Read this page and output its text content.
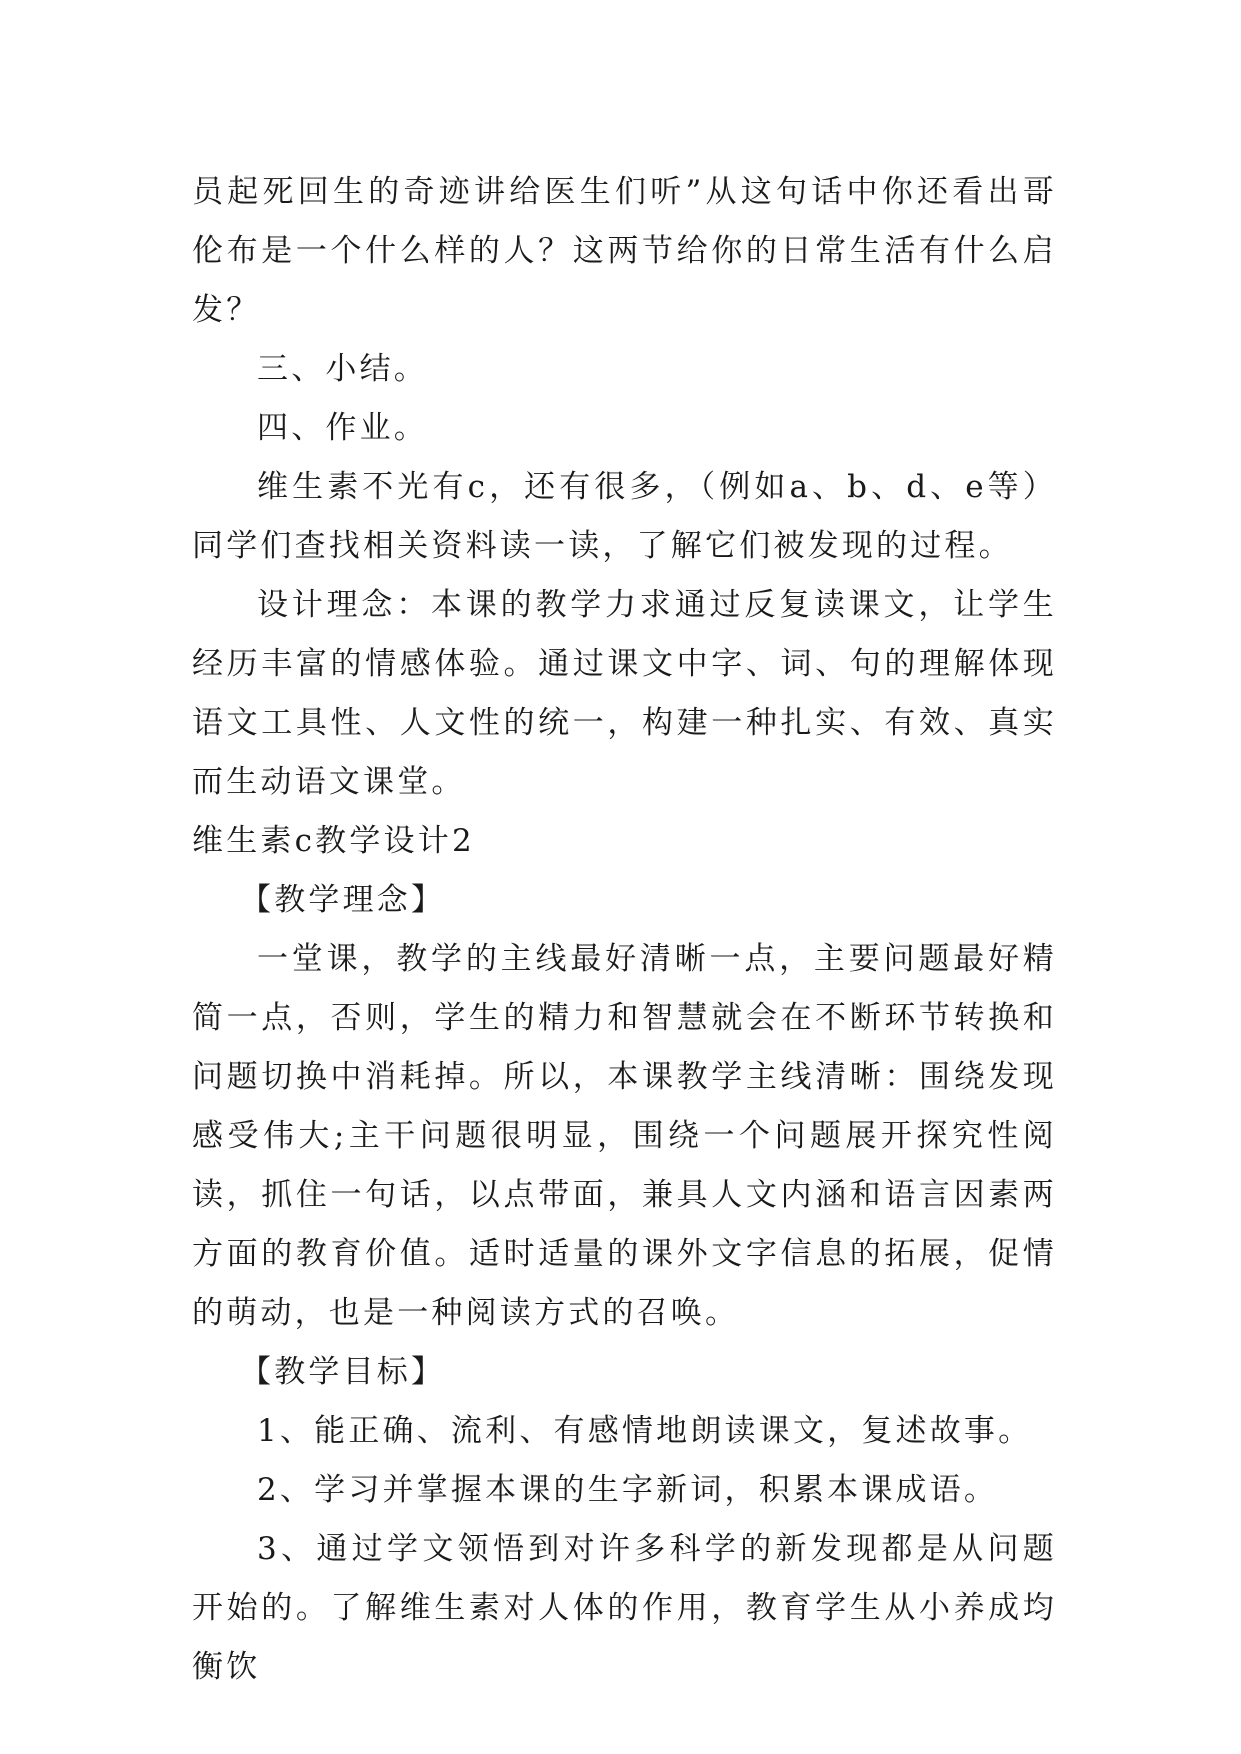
员起死回生的奇迹讲给医生们听”从这句话中你还看出哥伦布是一个什么样的人？这两节给你的日常生活有什么启发？

三、小结。

四、作业。

维生素不光有c，还有很多，（例如a、b、d、e等）同学们查找相关资料读一读，了解它们被发现的过程。

设计理念：本课的教学力求通过反复读课文，让学生经历丰富的情感体验。通过课文中字、词、句的理解体现语文工具性、人文性的统一，构建一种扎实、有效、真实而生动语文课堂。

维生素c教学设计2

【教学理念】

一堂课，教学的主线最好清晰一点，主要问题最好精简一点，否则，学生的精力和智慧就会在不断环节转换和问题切换中消耗掉。所以，本课教学主线清晰：围绕发现感受伟大;主干问题很明显，围绕一个问题展开探究性阅读，抓住一句话，以点带面，兼具人文内涵和语言因素两方面的教育价值。适时适量的课外文字信息的拓展，促情的萌动，也是一种阅读方式的召唤。

【教学目标】

1、能正确、流利、有感情地朗读课文，复述故事。

2、学习并掌握本课的生字新词，积累本课成语。

3、通过学文领悟到对许多科学的新发现都是从问题开始的。了解维生素对人体的作用，教育学生从小养成均衡饮
